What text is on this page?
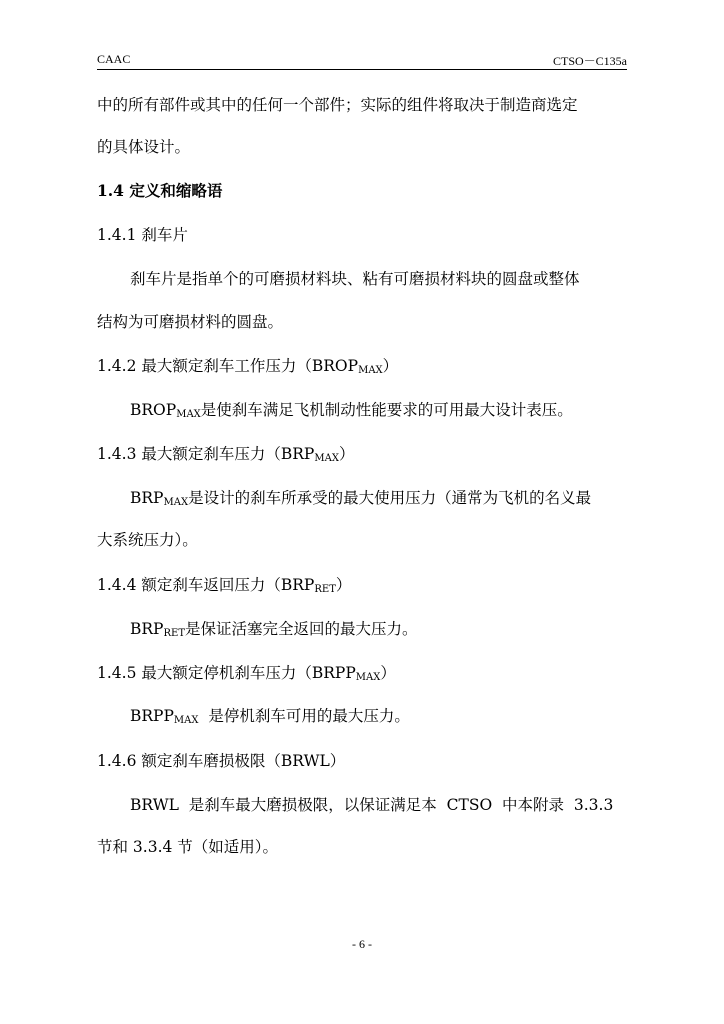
CAAC	CTSO－C135a
中的所有部件或其中的任何一个部件；实际的组件将取决于制造商选定
的具体设计。
1.4 定义和缩略语
1.4.1 刹车片
刹车片是指单个的可磨损材料块、粘有可磨损材料块的圆盘或整体
结构为可磨损材料的圆盘。
1.4.2 最大额定刹车工作压力$(BROP_{MAX})$
$BROP_{MAX}$是使刹车满足飞机制动性能要求的可用最大设计表压。
1.4.3 最大额定刹车压力$(BRP_{MAX})$
$BRP_{MAX}$是设计的刹车所承受的最大使用压力（通常为飞机的名义最
大系统压力）。
1.4.4 额定刹车返回压力$(BRP_{RET})$
$BRP_{RET}$是保证活塞完全返回的最大压力。
1.4.5 最大额定停机刹车压力$(BRPP_{MAX})$
$BRPP_{MAX}$  是停机刹车可用的最大压力。
1.4.6 额定刹车磨损极限（BRWL）
BRWL  是刹车最大磨损极限，以保证满足本  CTSO  中本附录  3.3.3
节和 3.3.4 节（如适用）。
- 6 -
